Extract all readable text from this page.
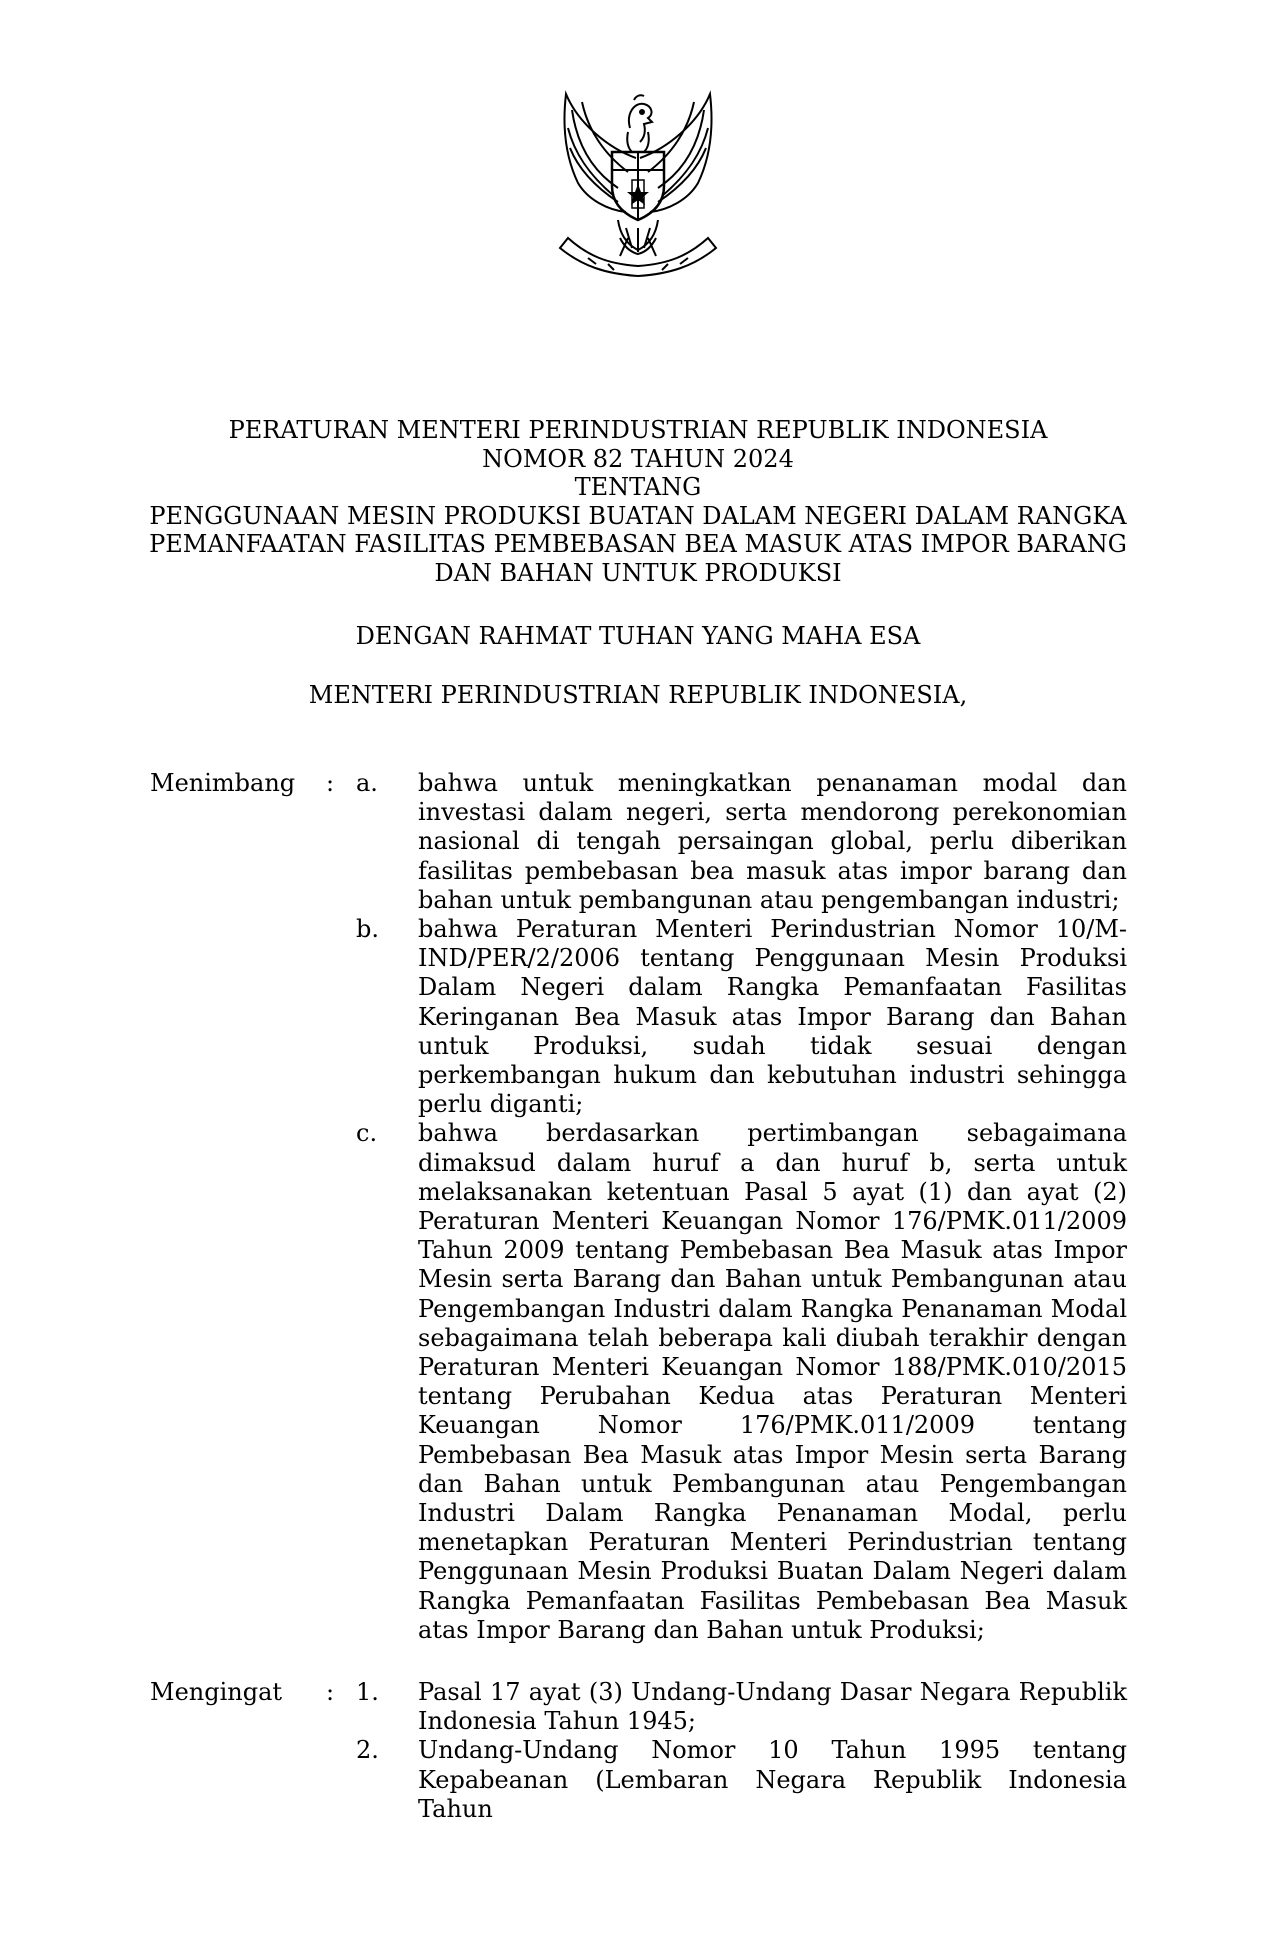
PERATURAN MENTERI PERINDUSTRIAN REPUBLIK INDONESIA
NOMOR 82 TAHUN 2024
TENTANG
PENGGUNAAN MESIN PRODUKSI BUATAN DALAM NEGERI DALAM RANGKA
PEMANFAATAN FASILITAS PEMBEBASAN BEA MASUK ATAS IMPOR BARANG
DAN BAHAN UNTUK PRODUKSI
DENGAN RAHMAT TUHAN YANG MAHA ESA
MENTERI PERINDUSTRIAN REPUBLIK INDONESIA,
Menimbang : a. bahwa untuk meningkatkan penanaman modal dan
investasi dalam negeri, serta mendorong perekonomian
nasional di tengah persaingan global, perlu diberikan
fasilitas pembebasan bea masuk atas impor barang dan
bahan untuk pembangunan atau pengembangan industri;
b. bahwa Peraturan Menteri Perindustrian Nomor 10/M-
IND/PER/2/2006 tentang Penggunaan Mesin Produksi
Dalam Negeri dalam Rangka Pemanfaatan Fasilitas
Keringanan Bea Masuk atas Impor Barang dan Bahan
untuk Produksi, sudah tidak sesuai dengan
perkembangan hukum dan kebutuhan industri sehingga
perlu diganti;
c. bahwa berdasarkan pertimbangan sebagaimana
dimaksud dalam huruf a dan huruf b, serta untuk
melaksanakan ketentuan Pasal 5 ayat (1) dan ayat (2)
Peraturan Menteri Keuangan Nomor 176/PMK.011/2009
Tahun 2009 tentang Pembebasan Bea Masuk atas Impor
Mesin serta Barang dan Bahan untuk Pembangunan atau
Pengembangan Industri dalam Rangka Penanaman Modal
sebagaimana telah beberapa kali diubah terakhir dengan
Peraturan Menteri Keuangan Nomor 188/PMK.010/2015
tentang Perubahan Kedua atas Peraturan Menteri
Keuangan Nomor 176/PMK.011/2009 tentang
Pembebasan Bea Masuk atas Impor Mesin serta Barang
dan Bahan untuk Pembangunan atau Pengembangan
Industri Dalam Rangka Penanaman Modal, perlu
menetapkan Peraturan Menteri Perindustrian tentang
Penggunaan Mesin Produksi Buatan Dalam Negeri dalam
Rangka Pemanfaatan Fasilitas Pembebasan Bea Masuk
atas Impor Barang dan Bahan untuk Produksi;
Mengingat : 1. Pasal 17 ayat (3) Undang-Undang Dasar Negara Republik
Indonesia Tahun 1945;
2. Undang-Undang Nomor 10 Tahun 1995 tentang
Kepabeanan (Lembaran Negara Republik Indonesia Tahun
